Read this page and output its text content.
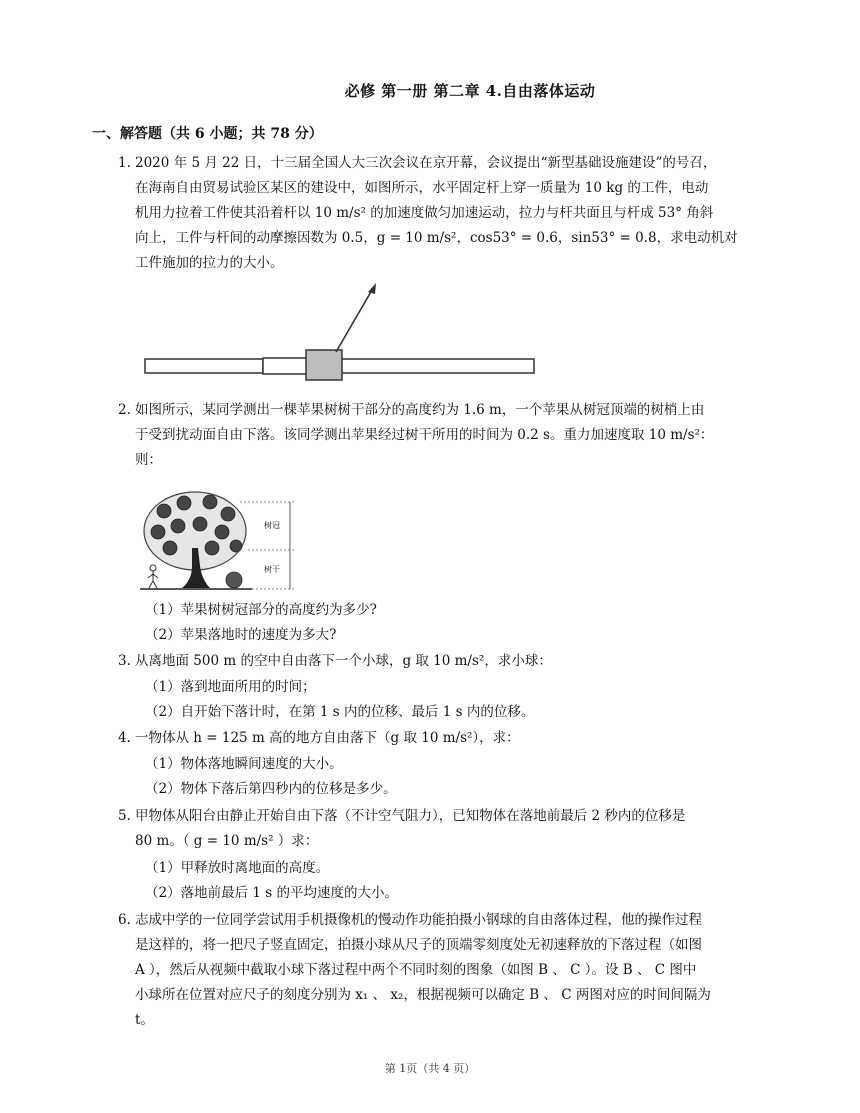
必修 第一册 第二章 4.自由落体运动
一、解答题（共 6 小题；共 78 分）
1. 2020 年 5 月 22 日，十三届全国人大三次会议在京开幕，会议提出“新型基础设施建设”的号召，
在海南自由贸易试验区某区的建设中，如图所示，水平固定杆上穿一质量为 10 kg 的工件，电动
机用力拉着工件使其沿着杆以 10 m/s² 的加速度做匀加速运动，拉力与杆共面且与杆成 53° 角斜
向上，工件与杆间的动摩擦因数为 0.5，g = 10 m/s²，cos53° = 0.6，sin53° = 0.8，求电动机对
工件施加的拉力的大小。
2. 如图所示，某同学测出一棵苹果树树干部分的高度约为 1.6 m，一个苹果从树冠顶端的树梢上由
于受到扰动面自由下落。该同学测出苹果经过树干所用的时间为 0.2 s。重力加速度取 10 m/s²：
则：
树冠
树干
（1）苹果树树冠部分的高度约为多少?
（2）苹果落地时的速度为多大?
3. 从离地面 500 m 的空中自由落下一个小球，g 取 10 m/s²，求小球：
（1）落到地面所用的时间；
（2）自开始下落计时，在第 1 s 内的位移、最后 1 s 内的位移。
4. 一物体从 h = 125 m 高的地方自由落下（g 取 10 m/s²），求：
（1）物体落地瞬间速度的大小。
（2）物体下落后第四秒内的位移是多少。
5. 甲物体从阳台由静止开始自由下落（不计空气阻力），已知物体在落地前最后 2 秒内的位移是
80 m。（ g = 10 m/s² ）求：
（1）甲释放时离地面的高度。
（2）落地前最后 1 s 的平均速度的大小。
6. 志成中学的一位同学尝试用手机摄像机的慢动作功能拍摄小钢球的自由落体过程，他的操作过程
是这样的，将一把尺子竖直固定，拍摄小球从尺子的顶端零刻度处无初速释放的下落过程（如图
A ），然后从视频中截取小球下落过程中两个不同时刻的图象（如图 B 、 C ）。设 B 、 C 图中
小球所在位置对应尺子的刻度分别为 x₁ 、 x₂，根据视频可以确定 B 、 C 两图对应的时间间隔为
t。
第 1页（共 4 页）
